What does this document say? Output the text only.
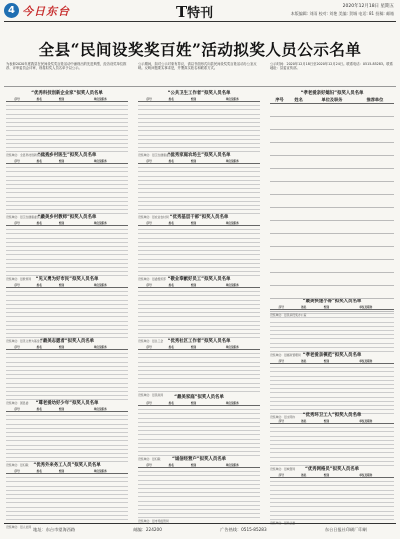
4 今日东台	T特刊	2020年12月18日 星期五
本版编辑: 刘雨 校对: 刘艳 美编: 贺城 电话: 81 投稿: 邮箱
全县“民间设奖奖百姓”活动拟奖人员公示名单
为表彰2020年度我县在民间设奖奖百姓活动中涌现出的先进典型，经各设奖单位推荐、评审委员会评审，现将拟奖人员名单予以公示。
公示期间，如对公示对象有异议，请以书面形式向县民间设奖奖百姓活动办公室反映。反映问题要实事求是，并署真实姓名和联系方式。
公示时间：2020年12月18日至2020年12月24日。联系电话：0515-85283。联系地址：县委宣传部。
“优秀科技创新企业家”拟奖人员名单
序号	姓名	性别	单位及职务

设奖单位：全县科技创新奖励基金会
“公共卫生工作者”拟奖人员名单
序号	姓名	性别	单位及职务

设奖单位：县卫生健康委员会
“优秀乡村医生”拟奖人员名单
序号	姓名	性别	单位及职务

设奖单位：县卫生健康委员会
“优秀家庭农场主”拟奖人员名单
序号	姓名	性别	单位及职务

设奖单位：县农业农村局
“最美乡村教师”拟奖人员名单
序号	姓名	性别	单位及职务

设奖单位：县教育局
“优秀基层干部”拟奖人员名单
序号	姓名	性别	单位及职务

设奖单位：县委组织部
“见义勇为好市民”拟奖人员名单
序号	姓名	性别	单位及职务

设奖单位：县见义勇为基金会
“敬业奉献好员工”拟奖人员名单
序号	姓名	性别	单位及职务

设奖单位：县总工会
“最美志愿者”拟奖人员名单
序号	姓名	性别	单位及职务

设奖单位：团县委
“优秀社区工作者”拟奖人员名单
序号	姓名	性别	单位及职务

设奖单位：县民政局
“尊老爱幼好少年”拟奖人员名单
序号	姓名	性别	单位及职务

设奖单位：县妇联
“最美家庭”拟奖人员名单
序号	姓名	性别	单位及职务

设奖单位：县妇联
“优秀外来务工人员”拟奖人员名单
序号	姓名	性别	单位及职务

设奖单位：县人社局
“诚信经营户”拟奖人员名单
序号	姓名	性别	单位及职务

设奖单位：县市场监管局
“最美快递小哥”拟奖人员名单
序号	姓名	性别	单位及职务

设奖单位：县邮政管理局 “孝老爱亲模范”拟奖人员名单
序号	姓名	性别	单位及职务

设奖单位：县文明办	“优秀环卫工人”拟奖人员名单
序号	姓名	性别	单位及职务

设奖单位：县城管局	“优秀网格员”拟奖人员名单
序号	姓名	性别	单位及职务

设奖单位：县政法委
“孝老爱亲好媳妇”拟奖人员名单
序号	姓名	单位及职务	推荐单位

设奖单位：县民间设奖办公室
地址：东台市望海西路	邮编：224200	广告热线：0515-85283	东台日报社印刷厂印刷
